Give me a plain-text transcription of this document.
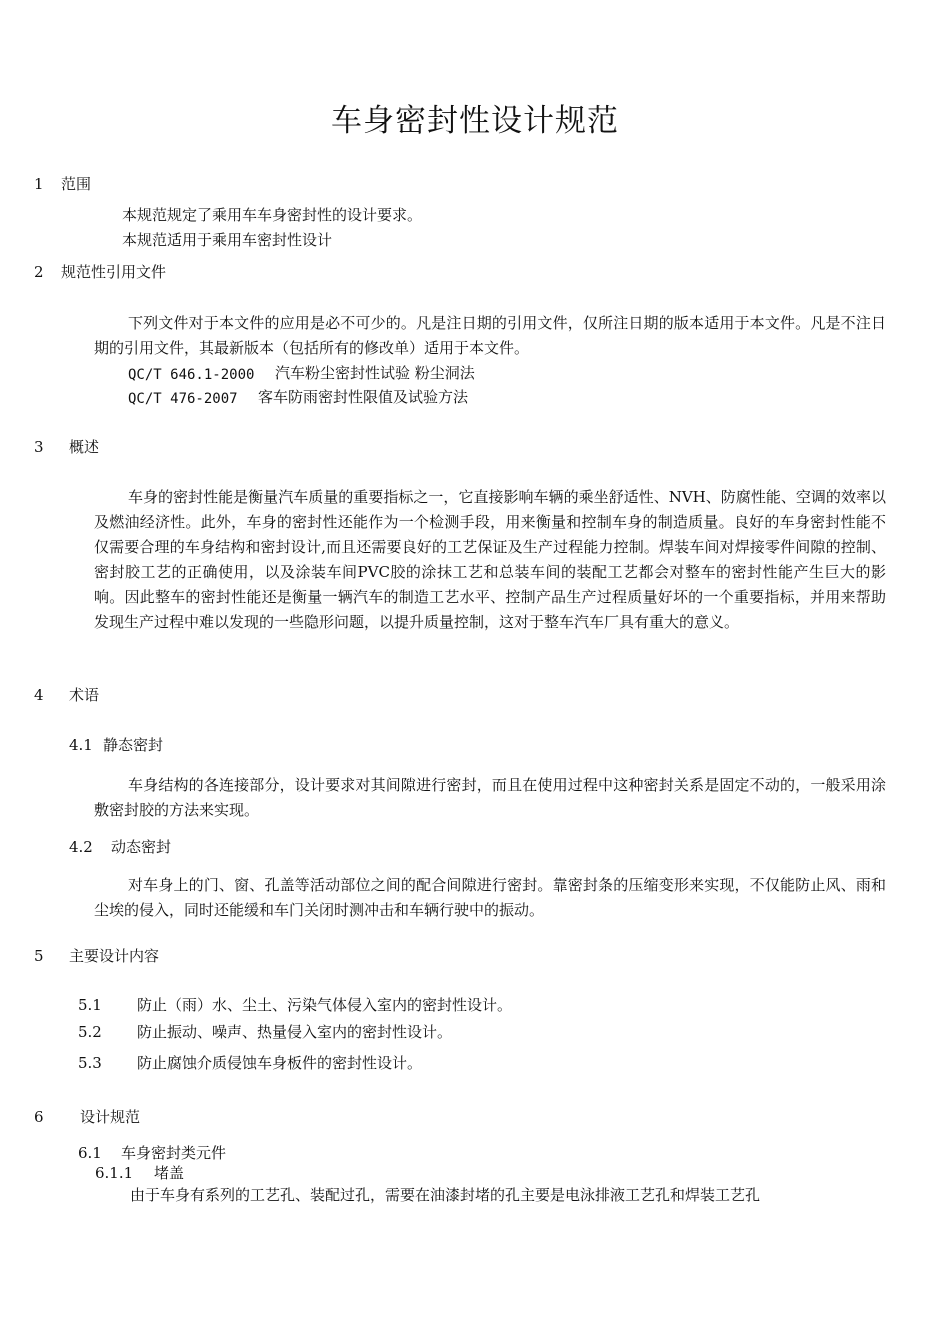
车身密封性设计规范
1 范围
本规范规定了乘用车车身密封性的设计要求。
本规范适用于乘用车密封性设计
2 规范性引用文件
下列文件对于本文件的应用是必不可少的。凡是注日期的引用文件，仅所注日期的版本适用于本文件。凡是不注日期的引用文件，其最新版本（包括所有的修改单）适用于本文件。
QC/T 646.1-2000 汽车粉尘密封性试验 粉尘洞法
QC/T 476-2007 客车防雨密封性限值及试验方法
3 概述
车身的密封性能是衡量汽车质量的重要指标之一，它直接影响车辆的乘坐舒适性、NVH、防腐性能、空调的效率以及燃油经济性。此外，车身的密封性还能作为一个检测手段，用来衡量和控制车身的制造质量。良好的车身密封性能不仅需要合理的车身结构和密封设计,而且还需要良好的工艺保证及生产过程能力控制。焊装车间对焊接零件间隙的控制、密封胶工艺的正确使用，以及涂装车间PVC胶的涂抹工艺和总装车间的装配工艺都会对整车的密封性能产生巨大的影响。因此整车的密封性能还是衡量一辆汽车的制造工艺水平、控制产品生产过程质量好坏的一个重要指标，并用来帮助发现生产过程中难以发现的一些隐形问题，以提升质量控制，这对于整车汽车厂具有重大的意义。
4 术语
4.1 静态密封
车身结构的各连接部分，设计要求对其间隙进行密封，而且在使用过程中这种密封关系是固定不动的，一般采用涂敷密封胶的方法来实现。
4.2 动态密封
对车身上的门、窗、孔盖等活动部位之间的配合间隙进行密封。靠密封条的压缩变形来实现，不仅能防止风、雨和尘埃的侵入，同时还能缓和车门关闭时测冲击和车辆行驶中的振动。
5 主要设计内容
5.1 防止（雨）水、尘土、污染气体侵入室内的密封性设计。
5.2 防止振动、噪声、热量侵入室内的密封性设计。
5.3 防止腐蚀介质侵蚀车身板件的密封性设计。
6 设计规范
6.1 车身密封类元件
6.1.1 堵盖
由于车身有系列的工艺孔、装配过孔，需要在油漆封堵的孔主要是电泳排液工艺孔和焊装工艺孔
